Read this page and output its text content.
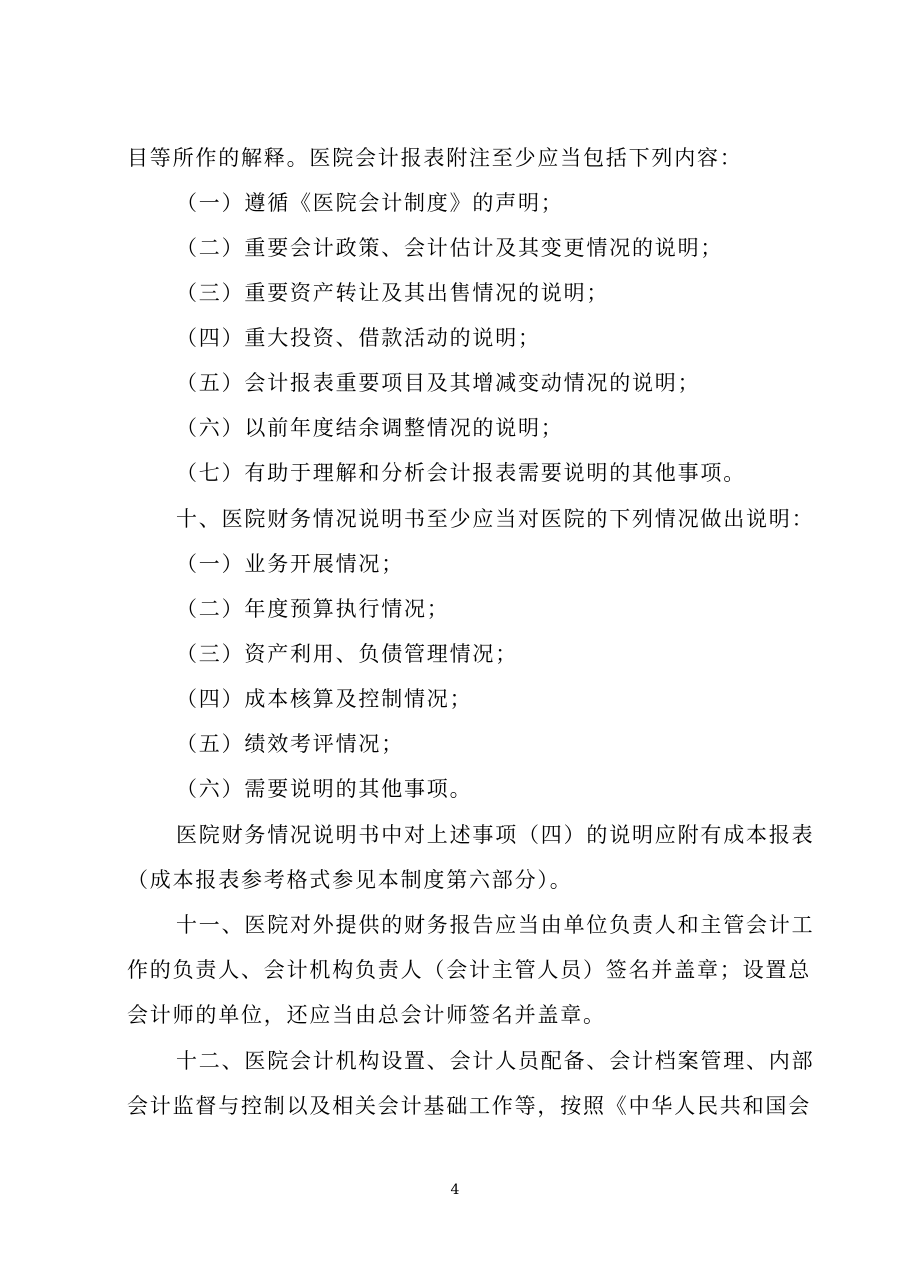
目等所作的解释。医院会计报表附注至少应当包括下列内容：
（一）遵循《医院会计制度》的声明；
（二）重要会计政策、会计估计及其变更情况的说明；
（三）重要资产转让及其出售情况的说明；
（四）重大投资、借款活动的说明；
（五）会计报表重要项目及其增减变动情况的说明；
（六）以前年度结余调整情况的说明；
（七）有助于理解和分析会计报表需要说明的其他事项。
十、医院财务情况说明书至少应当对医院的下列情况做出说明：
（一）业务开展情况；
（二）年度预算执行情况；
（三）资产利用、负债管理情况；
（四）成本核算及控制情况；
（五）绩效考评情况；
（六）需要说明的其他事项。
医院财务情况说明书中对上述事项（四）的说明应附有成本报表
（成本报表参考格式参见本制度第六部分）。
十一、医院对外提供的财务报告应当由单位负责人和主管会计工
作的负责人、会计机构负责人（会计主管人员）签名并盖章；设置总
会计师的单位，还应当由总会计师签名并盖章。
十二、医院会计机构设置、会计人员配备、会计档案管理、内部
会计监督与控制以及相关会计基础工作等，按照《中华人民共和国会
4
